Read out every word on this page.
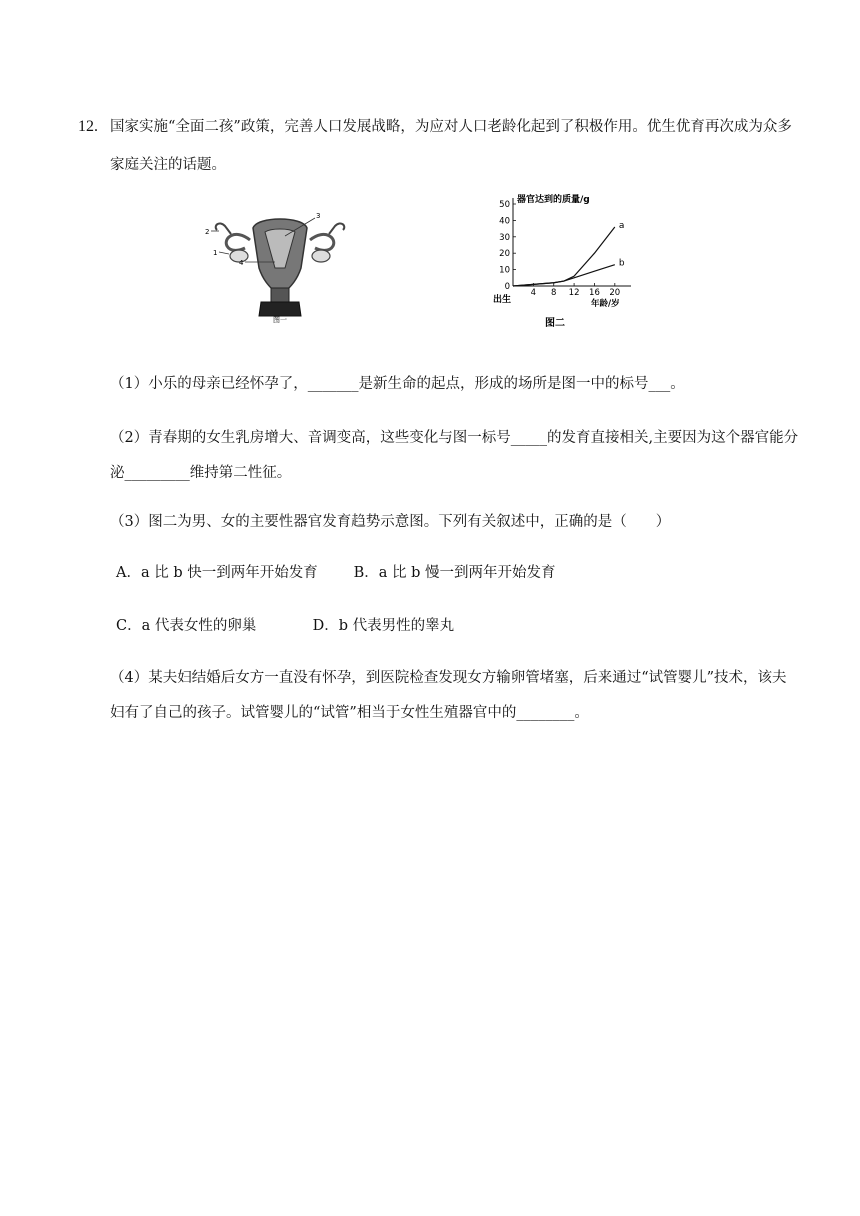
12. 国家实施“全面二孩”政策，完善人口发展战略，为应对人口老龄化起到了积极作用。优生优育再次成为众多家庭关注的话题。
2
1
3
4
图一
0
10
20
30
40
50
4 8 12 16 20
a
b
器官达到的质量/g
年龄/岁
出生
图二
（1）小乐的母亲已经怀孕了，_______是新生命的起点，形成的场所是图一中的标号___。
（2）青春期的女生乳房增大、音调变高，这些变化与图一标号_____的发育直接相关,主要因为这个器官能分泌_________维持第二性征。
（3）图二为男、女的主要性器官发育趋势示意图。下列有关叙述中，正确的是（　　）
A．a 比 b 快一到两年开始发育 B．a 比 b 慢一到两年开始发育
C．a 代表女性的卵巢	D．b 代表男性的睾丸
（4）某夫妇结婚后女方一直没有怀孕，到医院检查发现女方输卵管堵塞，后来通过“试管婴儿”技术，该夫妇有了自己的孩子。试管婴儿的“试管”相当于女性生殖器官中的________。
